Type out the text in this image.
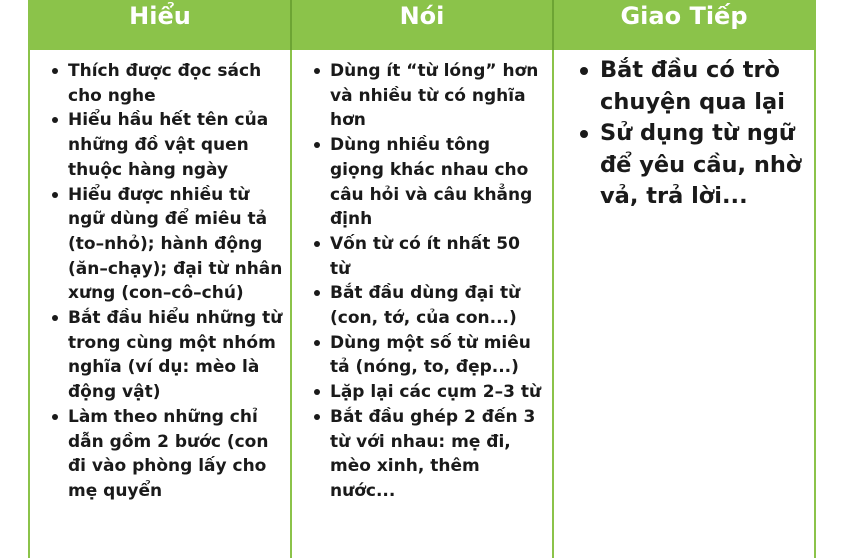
Hiểu	Nói	Giao Tiếp
Thích được đọc sách cho nghe
Hiểu hầu hết tên của những đồ vật quen thuộc hàng ngày
Hiểu được nhiều từ ngữ dùng để miêu tả (to–nhỏ); hành động (ăn–chạy); đại từ nhân xưng (con–cô–chú)
Bắt đầu hiểu những từ trong cùng một nhóm nghĩa (ví dụ: mèo là động vật)
Làm theo những chỉ dẫn gồm 2 bước (con đi vào phòng lấy cho mẹ quyển
Dùng ít “từ lóng” hơn và nhiều từ có nghĩa hơn
Dùng nhiều tông giọng khác nhau cho câu hỏi và câu khẳng định
Vốn từ có ít nhất 50 từ
Bắt đầu dùng đại từ (con, tớ, của con...)
Dùng một số từ miêu tả (nóng, to, đẹp...)
Lặp lại các cụm 2–3 từ
Bắt đầu ghép 2 đến 3 từ với nhau: mẹ đi, mèo xinh, thêm nước...
Bắt đầu có trò chuyện qua lại
Sử dụng từ ngữ để yêu cầu, nhờ vả, trả lời...
